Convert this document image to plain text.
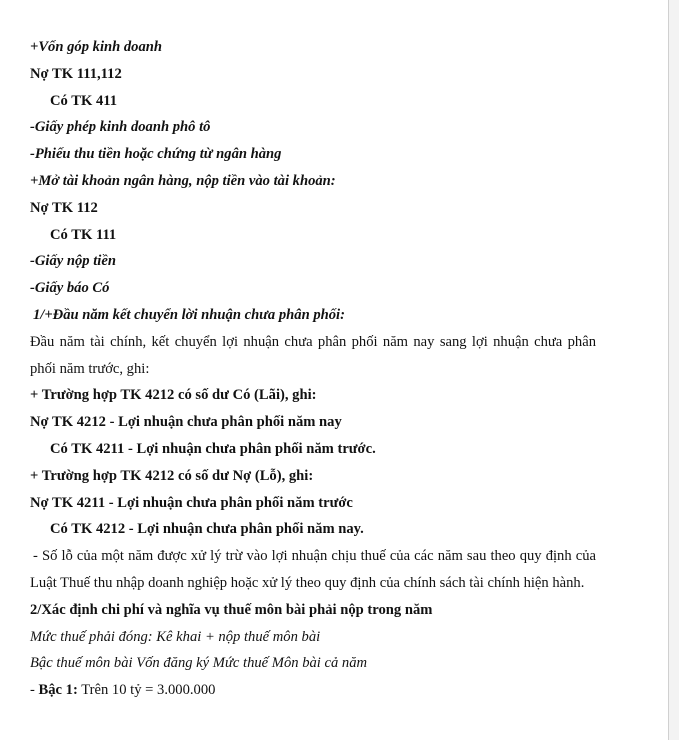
+Vốn góp kinh doanh
Nợ TK 111,112
Có TK 411
-Giấy phép kinh doanh phô tô
-Phiếu thu tiền hoặc chứng từ ngân hàng
+Mở tài khoản ngân hàng, nộp tiền vào tài khoản:
Nợ TK 112
Có TK 111
-Giấy nộp tiền
-Giấy báo Có
1/+Đầu năm kết chuyển lời nhuận chưa phân phối:
Đầu năm tài chính, kết chuyển lợi nhuận chưa phân phối năm nay sang lợi nhuận chưa phân phối năm trước, ghi:
+ Trường hợp TK 4212 có số dư Có (Lãi), ghi:
Nợ TK 4212 - Lợi nhuận chưa phân phối năm nay
Có TK 4211 - Lợi nhuận chưa phân phối năm trước.
+ Trường hợp TK 4212 có số dư Nợ (Lỗ), ghi:
Nợ TK 4211 - Lợi nhuận chưa phân phối năm trước
Có TK 4212 - Lợi nhuận chưa phân phối năm nay.
- Số lỗ của một năm được xử lý trừ vào lợi nhuận chịu thuế của các năm sau theo quy định của Luật Thuế thu nhập doanh nghiệp hoặc xử lý theo quy định của chính sách tài chính hiện hành.
2/Xác định chi phí và nghĩa vụ thuế môn bài phải nộp trong năm
Mức thuế phải đóng: Kê khai + nộp thuế môn bài
Bậc thuế môn bài Vốn đăng ký Mức thuế Môn bài cả năm
- Bậc 1: Trên 10 tỷ = 3.000.000
